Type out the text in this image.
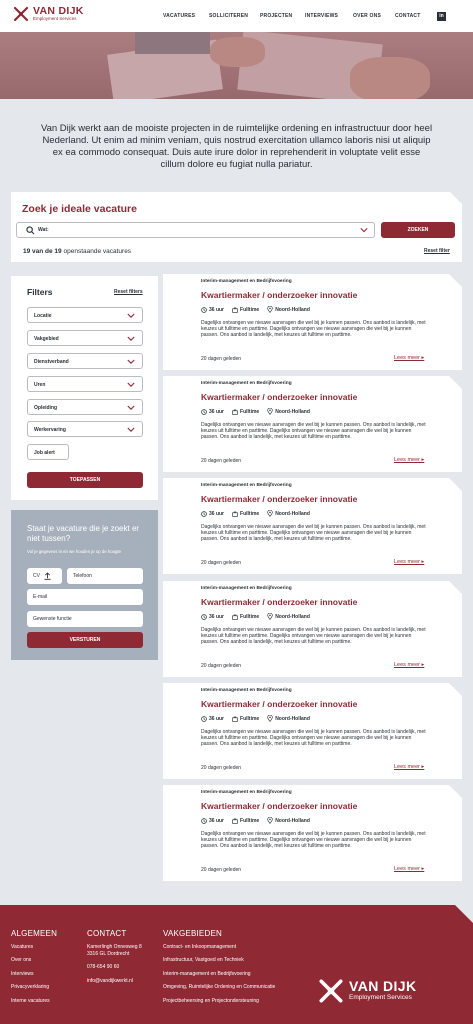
VAN DIJK
Employment Services	VACATURES	SOLLICITEREN PROJECTEN	INTERVIEWS	OVER ONS	CONTACT	in
Van Dijk werkt aan de mooiste projecten in de ruimtelijke ordening en infrastructuur door heel Nederland. Ut enim ad minim veniam, quis nostrud exercitation ullamco laboris nisi ut aliquip ex ea commodo consequat. Duis aute irure dolor in reprehenderit in voluptate velit esse cillum dolore eu fugiat nulla pariatur.
Zoek je ideale vacature
Wat:	ZOEKEN
19 van de 19 openstaande vacatures	Reset filter
Filters	Reset filters
Locatie
Vakgebied
Dienstverband
Uren
Opleiding
Werkervaring
Job alert
TOEPASSEN
Staat je vacature die je zoekt er niet tussen?

Vul je gegevens in en we houden je op de hoogte

CV	Telefoon
E-mail
Gewenste functie
VERSTUREN
Interim-management en Bedrijfsvoering
Kwartiermaker / onderzoeker innovatie
36 uur	Fulltime	Noord-Holland
Dagelijks ontvangen we nieuwe aanvragen die wel bij je kunnen passen. Ons aanbod is landelijk, met keuzes uit fulltime en parttime. Dagelijks ontvangen we nieuwe aanvragen die wel bij je kunnen passen. Ons aanbod is landelijk, met keuzes uit fulltime en parttime.
20 dagen geleden	Lees meer ▸
Interim-management en Bedrijfsvoering
Kwartiermaker / onderzoeker innovatie
36 uur	Fulltime	Noord-Holland
Dagelijks ontvangen we nieuwe aanvragen die wel bij je kunnen passen. Ons aanbod is landelijk, met keuzes uit fulltime en parttime. Dagelijks ontvangen we nieuwe aanvragen die wel bij je kunnen passen. Ons aanbod is landelijk, met keuzes uit fulltime en parttime.
20 dagen geleden	Lees meer ▸
Interim-management en Bedrijfsvoering
Kwartiermaker / onderzoeker innovatie
36 uur	Fulltime	Noord-Holland
Dagelijks ontvangen we nieuwe aanvragen die wel bij je kunnen passen. Ons aanbod is landelijk, met keuzes uit fulltime en parttime. Dagelijks ontvangen we nieuwe aanvragen die wel bij je kunnen passen. Ons aanbod is landelijk, met keuzes uit fulltime en parttime.
20 dagen geleden	Lees meer ▸
Interim-management en Bedrijfsvoering
Kwartiermaker / onderzoeker innovatie
36 uur	Fulltime	Noord-Holland
Dagelijks ontvangen we nieuwe aanvragen die wel bij je kunnen passen. Ons aanbod is landelijk, met keuzes uit fulltime en parttime. Dagelijks ontvangen we nieuwe aanvragen die wel bij je kunnen passen. Ons aanbod is landelijk, met keuzes uit fulltime en parttime.
20 dagen geleden	Lees meer ▸
Interim-management en Bedrijfsvoering
Kwartiermaker / onderzoeker innovatie
36 uur	Fulltime	Noord-Holland
Dagelijks ontvangen we nieuwe aanvragen die wel bij je kunnen passen. Ons aanbod is landelijk, met keuzes uit fulltime en parttime. Dagelijks ontvangen we nieuwe aanvragen die wel bij je kunnen passen. Ons aanbod is landelijk, met keuzes uit fulltime en parttime.
20 dagen geleden	Lees meer ▸
Interim-management en Bedrijfsvoering
Kwartiermaker / onderzoeker innovatie
36 uur	Fulltime	Noord-Holland
Dagelijks ontvangen we nieuwe aanvragen die wel bij je kunnen passen. Ons aanbod is landelijk, met keuzes uit fulltime en parttime. Dagelijks ontvangen we nieuwe aanvragen die wel bij je kunnen passen. Ons aanbod is landelijk, met keuzes uit fulltime en parttime.
20 dagen geleden	Lees meer ▸
ALGEMEEN
Vacatures
Over ons
Interviews
Privacyverklaring
Interne vacatures
CONTACT
Kamerlingh Onnesweg 8
3316 GL Dordrecht
078-654 90 60
info@vandijkwerkt.nl
VAKGEBIEDEN
Contract- en Inkoopmanagement
Infrastructuur, Vastgoed en Techniek
Interim-management en Bedrijfsvoering
Omgeving, Ruimtelijke Ordening en Communicatie
Projectbeheersing en Projectondersteuning
VAN DIJK
Employment Services
